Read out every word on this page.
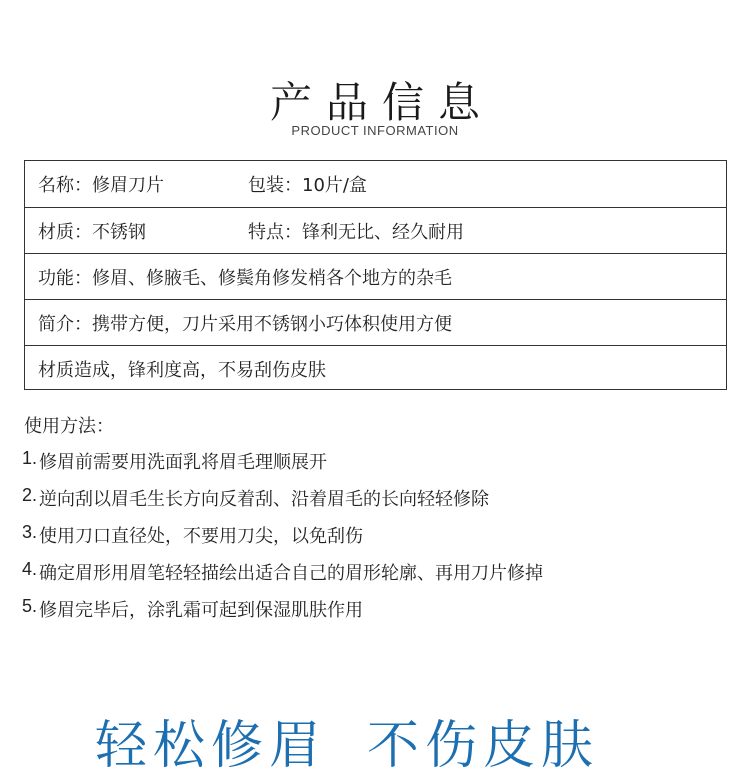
产品信息
PRODUCT INFORMATION
名称：修眉刀片	包装：10片/盒
材质：不锈钢	特点：锋利无比、经久耐用
功能：修眉、修腋毛、修鬓角修发梢各个地方的杂毛
简介：携带方便，刀片采用不锈钢小巧体积使用方便
材质造成，锋利度高，不易刮伤皮肤
使用方法：
1. 修眉前需要用洗面乳将眉毛理顺展开
2. 逆向刮以眉毛生长方向反着刮、沿着眉毛的长向轻轻修除
3. 使用刀口直径处，不要用刀尖，以免刮伤
4. 确定眉形用眉笔轻轻描绘出适合自己的眉形轮廓、再用刀片修掉
5. 修眉完毕后，涂乳霜可起到保湿肌肤作用
轻松修眉 不伤皮肤
